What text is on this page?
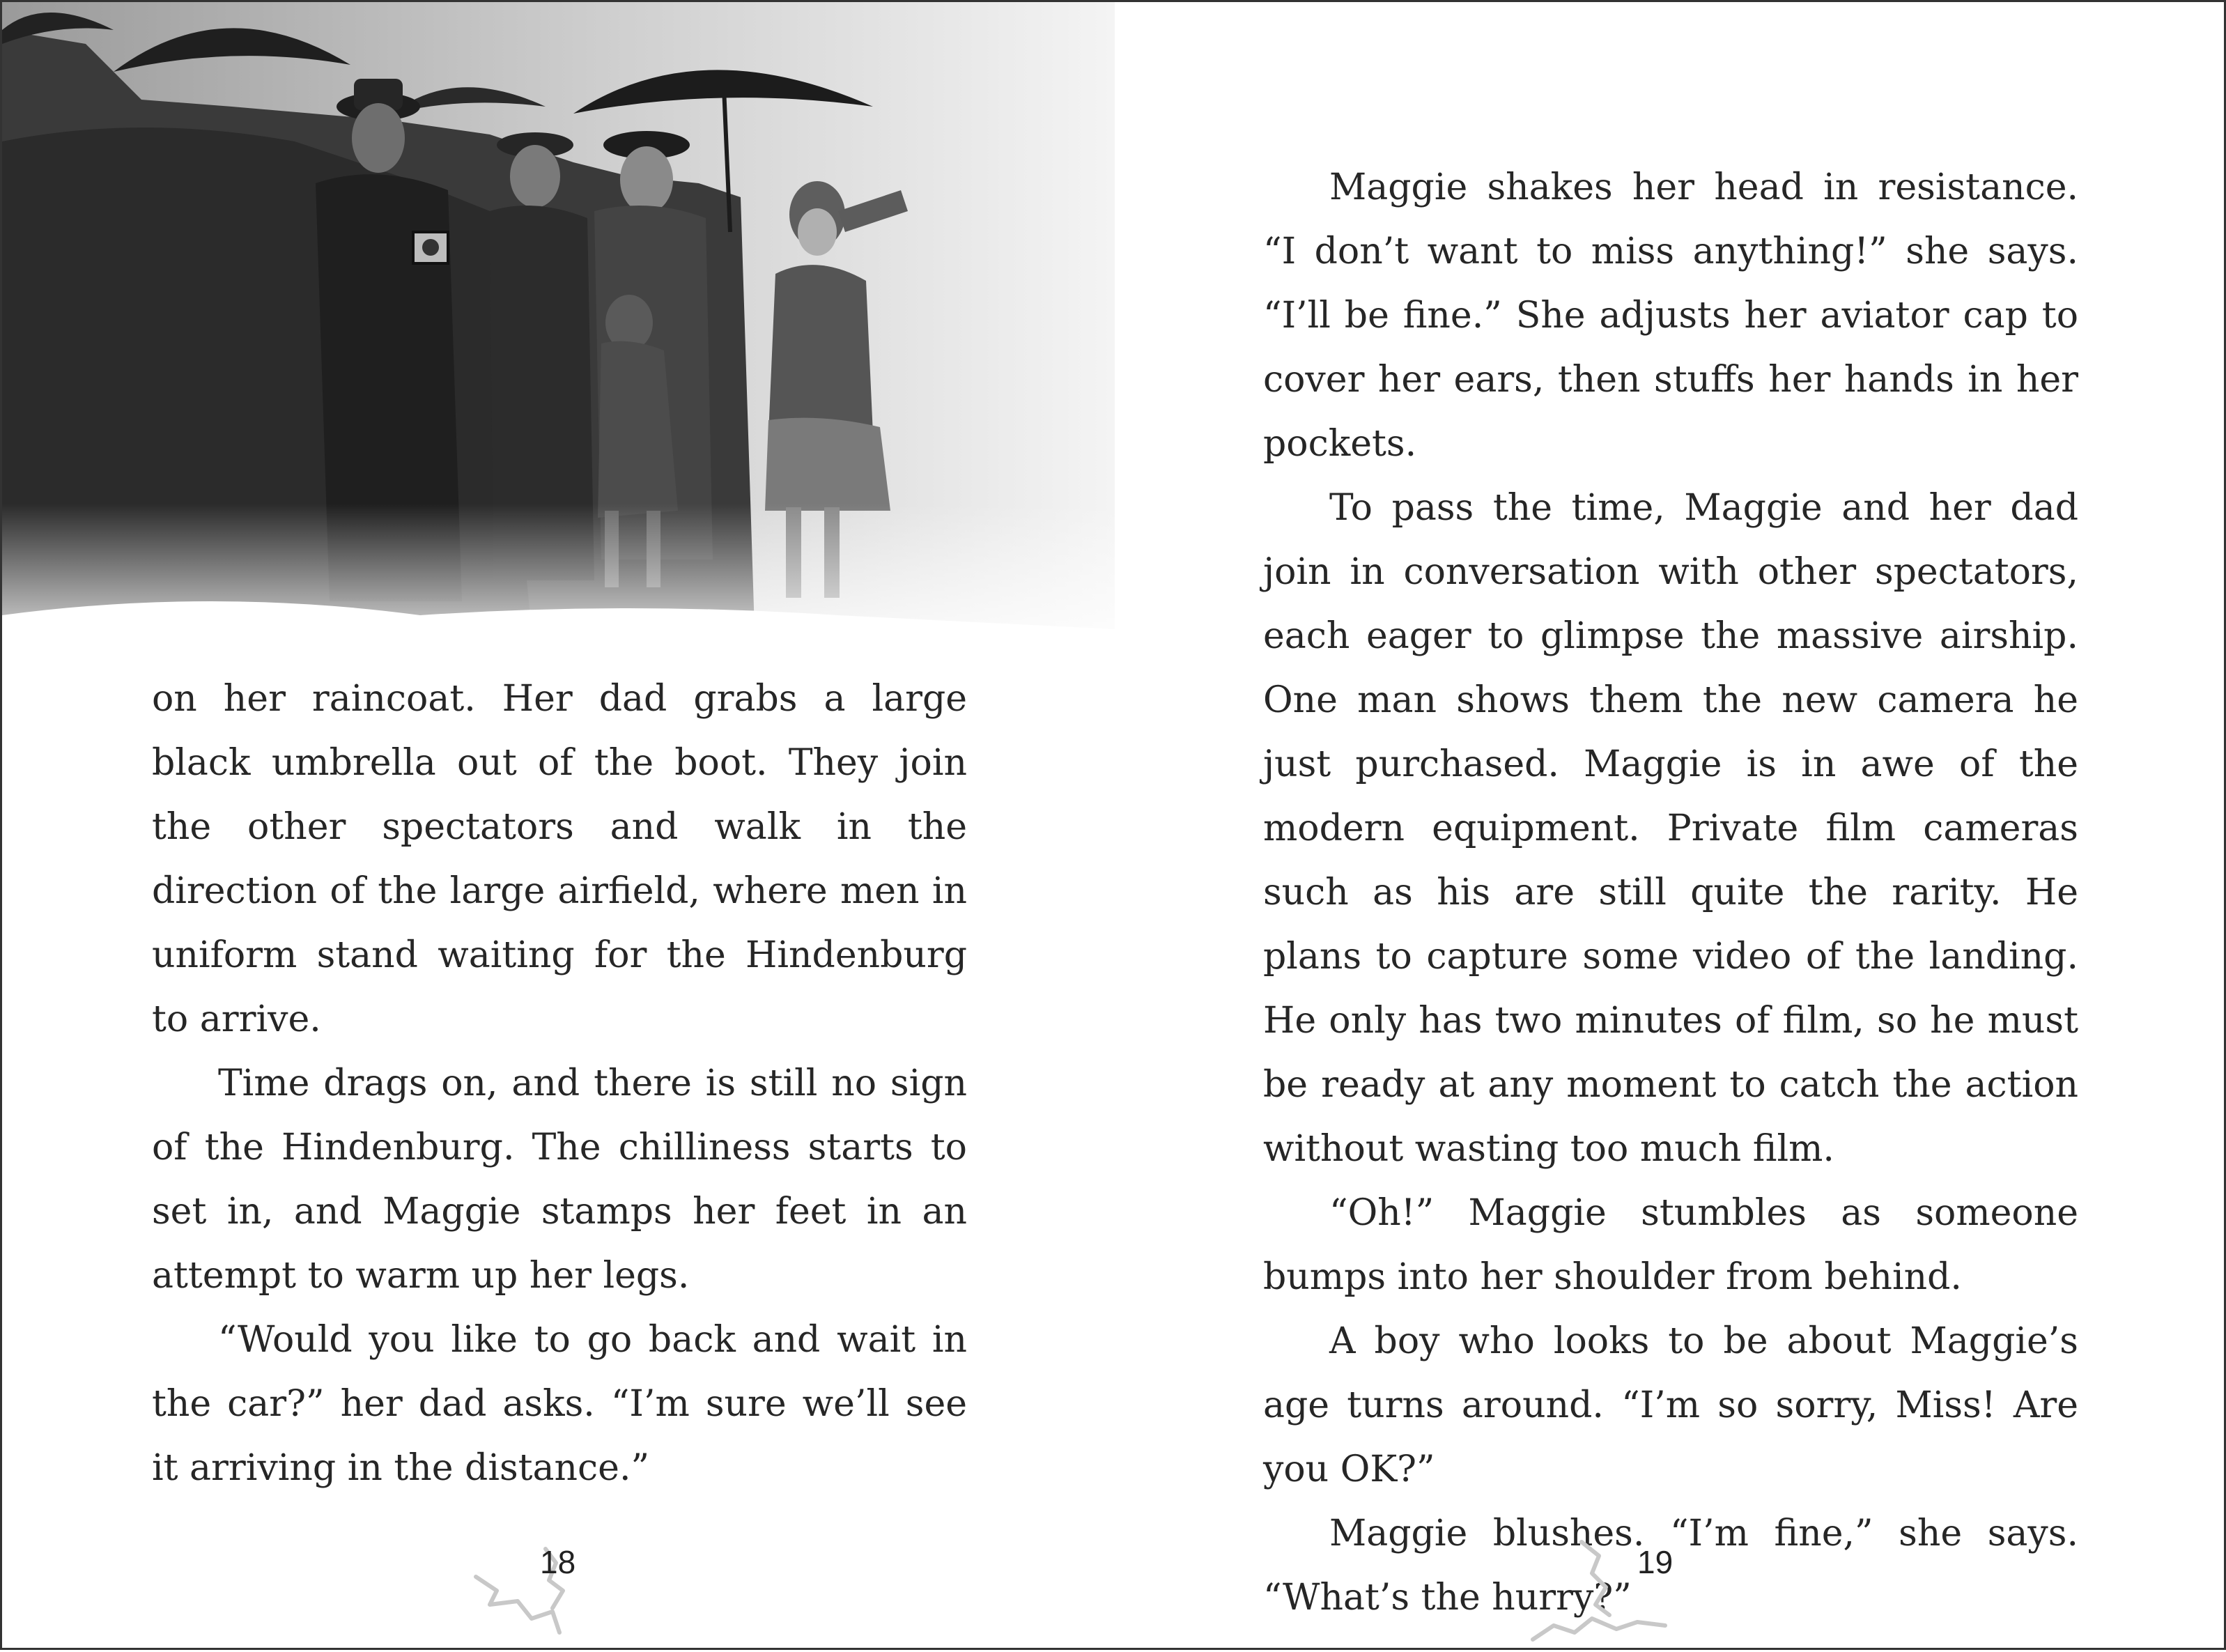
on her raincoat. Her dad grabs a large black umbrella out of the boot. They join the other spectators and walk in the direction of the large airfield, where men in uniform stand waiting for the Hindenburg to arrive.

Time drags on, and there is still no sign of the Hindenburg. The chilliness starts to set in, and Maggie stamps her feet in an attempt to warm up her legs.

“Would you like to go back and wait in the car?” her dad asks. “I’m sure we’ll see it arriving in the distance.”

18

Maggie shakes her head in resistance. “I don’t want to miss anything!” she says. “I’ll be fine.” She adjusts her aviator cap to cover her ears, then stuffs her hands in her pockets.

To pass the time, Maggie and her dad join in conversation with other spectators, each eager to glimpse the massive airship. One man shows them the new camera he just purchased. Maggie is in awe of the modern equipment. Private film cameras such as his are still quite the rarity. He plans to capture some video of the landing. He only has two minutes of film, so he must be ready at any moment to catch the action without wasting too much film.

“Oh!” Maggie stumbles as someone bumps into her shoulder from behind.

A boy who looks to be about Maggie’s age turns around. “I’m so sorry, Miss! Are you OK?”

Maggie blushes. “I’m fine,” she says. “What’s the hurry?”

19
